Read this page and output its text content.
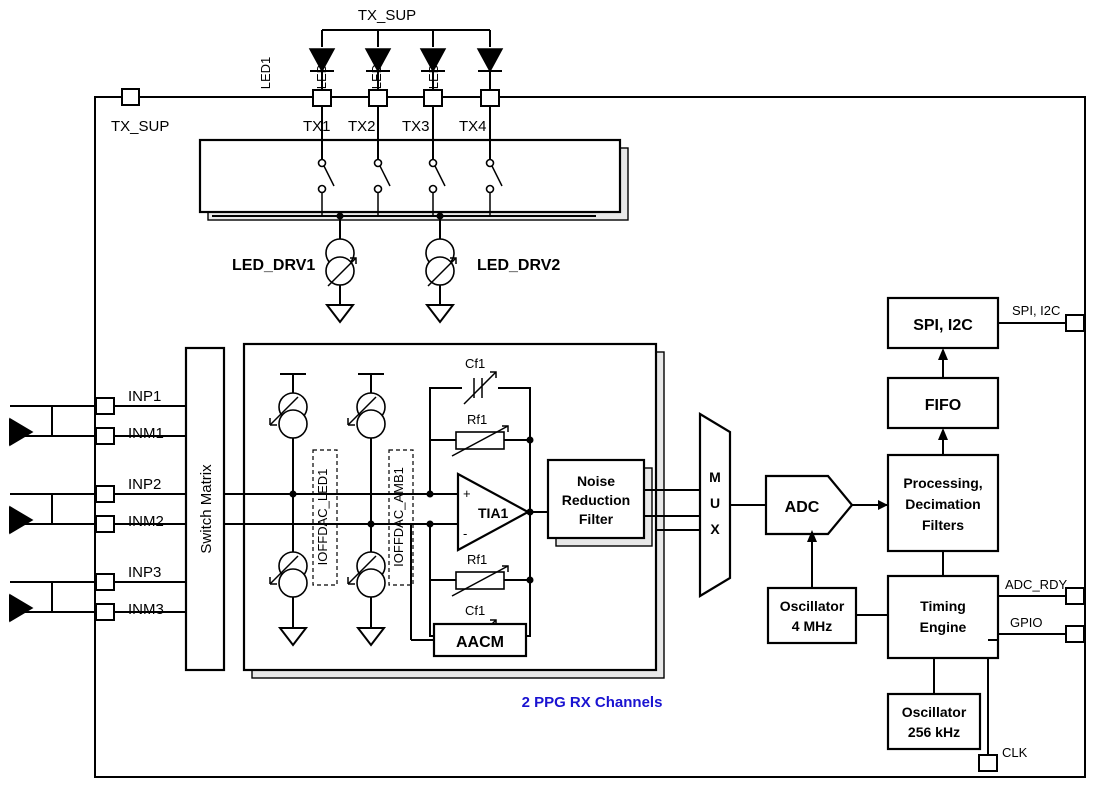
TX_SUP
LED1	LED2	LED3	LED4
TX1 TX2 TX3 TX4
TX_SUP
LED_DRV1	LED_DRV2
INP1
INM1
INP2
INM2
INP3
INM3
Switch Matrix	IOFFDAC_LED1	IOFFDAC_AMB1	TIA1
+
-
Cf1
Rf1
Rf1
Cf1
AACM
Noise
Reduction
Filter
M
U
X
ADC
Processing,
Decimation
Filters
FIFO
SPI, I2C
SPI, I2C
Timing
Engine
ADC_RDY
GPIO
Oscillator
4 MHz
Oscillator
256 kHz
CLK
2 PPG RX Channels
